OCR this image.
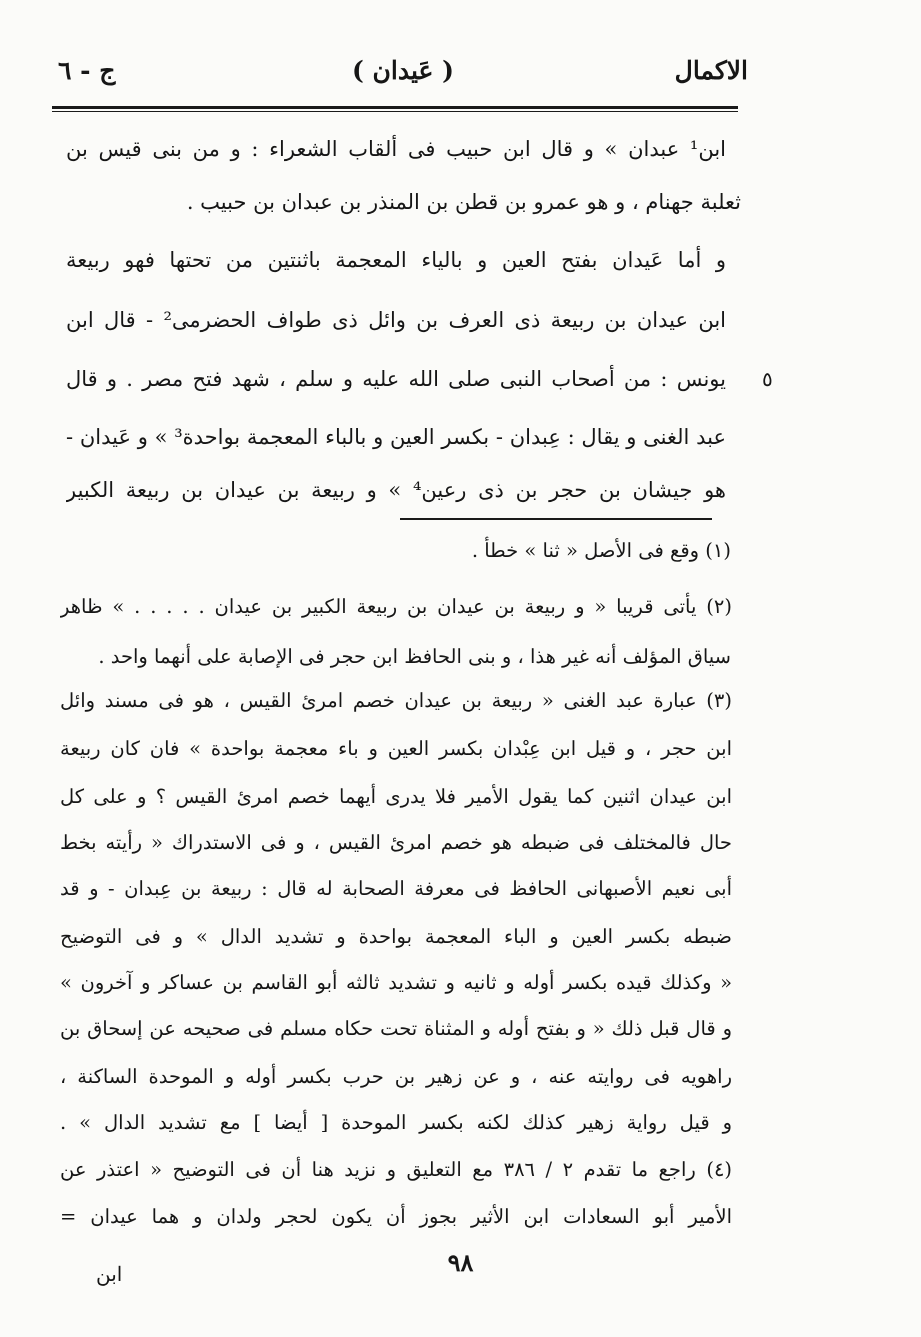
الاكمال
( عَيدان )
ج - ٦
ابن¹ عبدان » و قال ابن حبيب فى ألقاب الشعراء : و من بنى قيس بن
ثعلبة جهنام ، و هو عمرو بن قطن بن المنذر بن عبدان بن حبيب .
و أما عَيدان بفتح العين و بالياء المعجمة باثنتين من تحتها فهو ربيعة
ابن عيدان بن ربيعة ذى العرف بن وائل ذى طواف الحضرمى² - قال ابن
٥
يونس : من أصحاب النبى صلى الله عليه و سلم ، شهد فتح مصر . و قال
عبد الغنى و يقال : عِبدان - بكسر العين و بالباء المعجمة بواحدة³ » و عَيدان -
هو جيشان بن حجر بن ذى رعين⁴ » و ربيعة بن عيدان بن ربيعة الكبير
(١) وقع فى الأصل « ثنا » خطأ .
(٢) يأتى قريبا « و ربيعة بن عيدان بن ربيعة الكبير بن عيدان . . . . . » ظاهر
سياق المؤلف أنه غير هذا ، و بنى الحافظ ابن حجر فى الإصابة على أنهما واحد .
(٣) عبارة عبد الغنى « ربيعة بن عيدان خصم امرئ القيس ، هو فى مسند وائل
ابن حجر ، و قيل ابن عِبْدان بكسر العين و باء معجمة بواحدة » فان كان ربيعة
ابن عيدان اثنين كما يقول الأمير فلا يدرى أيهما خصم امرئ القيس ؟ و على كل
حال فالمختلف فى ضبطه هو خصم امرئ القيس ، و فى الاستدراك « رأيته بخط
أبى نعيم الأصبهانى الحافظ فى معرفة الصحابة له قال : ربيعة بن عِبدان - و قد
ضبطه بكسر العين و الباء المعجمة بواحدة و تشديد الدال » و فى التوضيح
« وكذلك قيده بكسر أوله و ثانيه و تشديد ثالثه أبو القاسم بن عساكر و آخرون »
و قال قبل ذلك « و بفتح أوله و المثناة تحت حكاه مسلم فى صحيحه عن إسحاق بن
راهويه فى روايته عنه ، و عن زهير بن حرب بكسر أوله و الموحدة الساكنة ،
و قيل رواية زهير كذلك لكنه بكسر الموحدة [ أيضا ] مع تشديد الدال » .
(٤) راجع ما تقدم ٢ / ٣٨٦ مع التعليق و نزيد هنا أن فى التوضيح « اعتذر عن
الأمير أبو السعادات ابن الأثير بجوز أن يكون لحجر ولدان و هما عيدان =
٩٨
ابن
